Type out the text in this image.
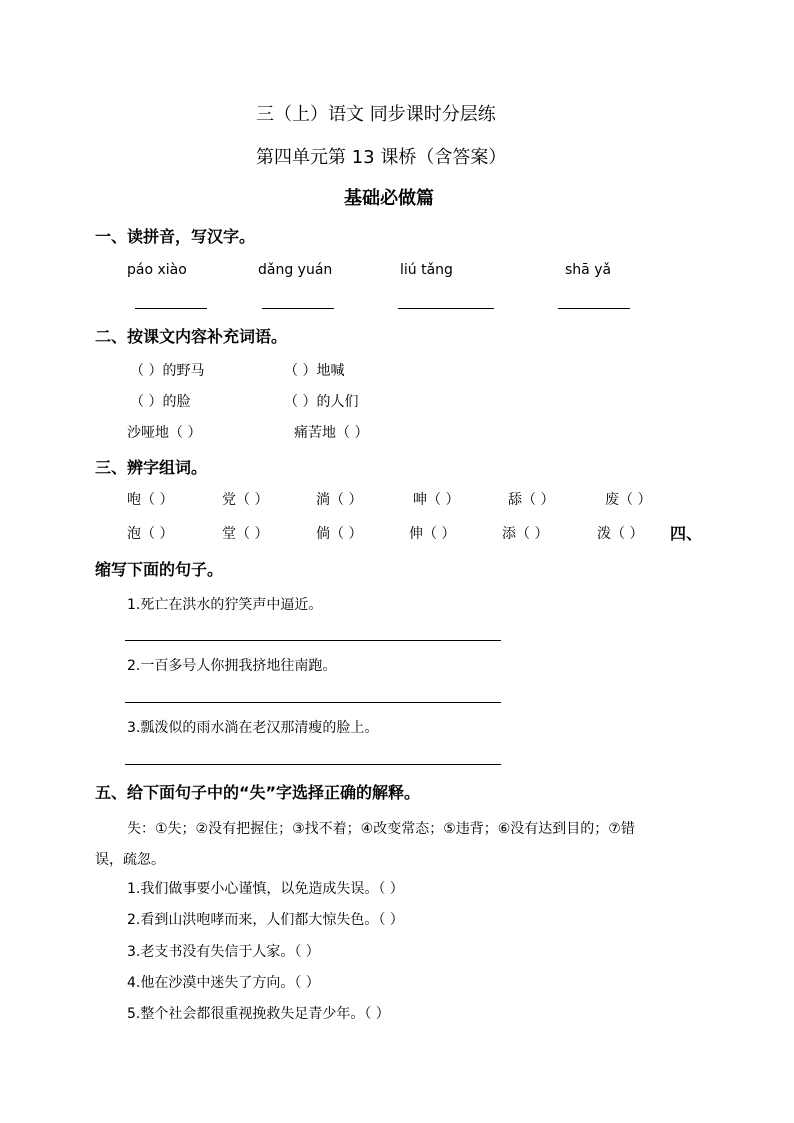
三（上）语文 同步课时分层练
第四单元第 13 课桥（含答案）
基础必做篇
一、读拼音，写汉字。
páo xiào	dǎng yuán	liú tǎng	shā yǎ
二、按课文内容补充词语。
（ ）的野马	（ ）地喊
（ ）的脸	（ ）的人们
沙哑地（ ）	痛苦地（ ）
三、辨字组词。
咆（ ）	党（ ）	淌（ ）	呻（ ）	舔（ ）	废（ ）
泡（ ）	堂（ ）	倘（ ）	伸（ ）	添（ ）	泼（ ） 四、
缩写下面的句子。
1.死亡在洪水的狞笑声中逼近。
2.一百多号人你拥我挤地往南跑。
3.瓢泼似的雨水淌在老汉那清瘦的脸上。
五、给下面句子中的“失”字选择正确的解释。
失：①失；②没有把握住；③找不着；④改变常态；⑤违背；⑥没有达到目的；⑦错
误，疏忽。
1.我们做事要小心谨慎，以免造成失误。（ ）
2.看到山洪咆哮而来，人们都大惊失色。（ ）
3.老支书没有失信于人家。（ ）
4.他在沙漠中迷失了方向。（ ）
5.整个社会都很重视挽救失足青少年。（ ）
